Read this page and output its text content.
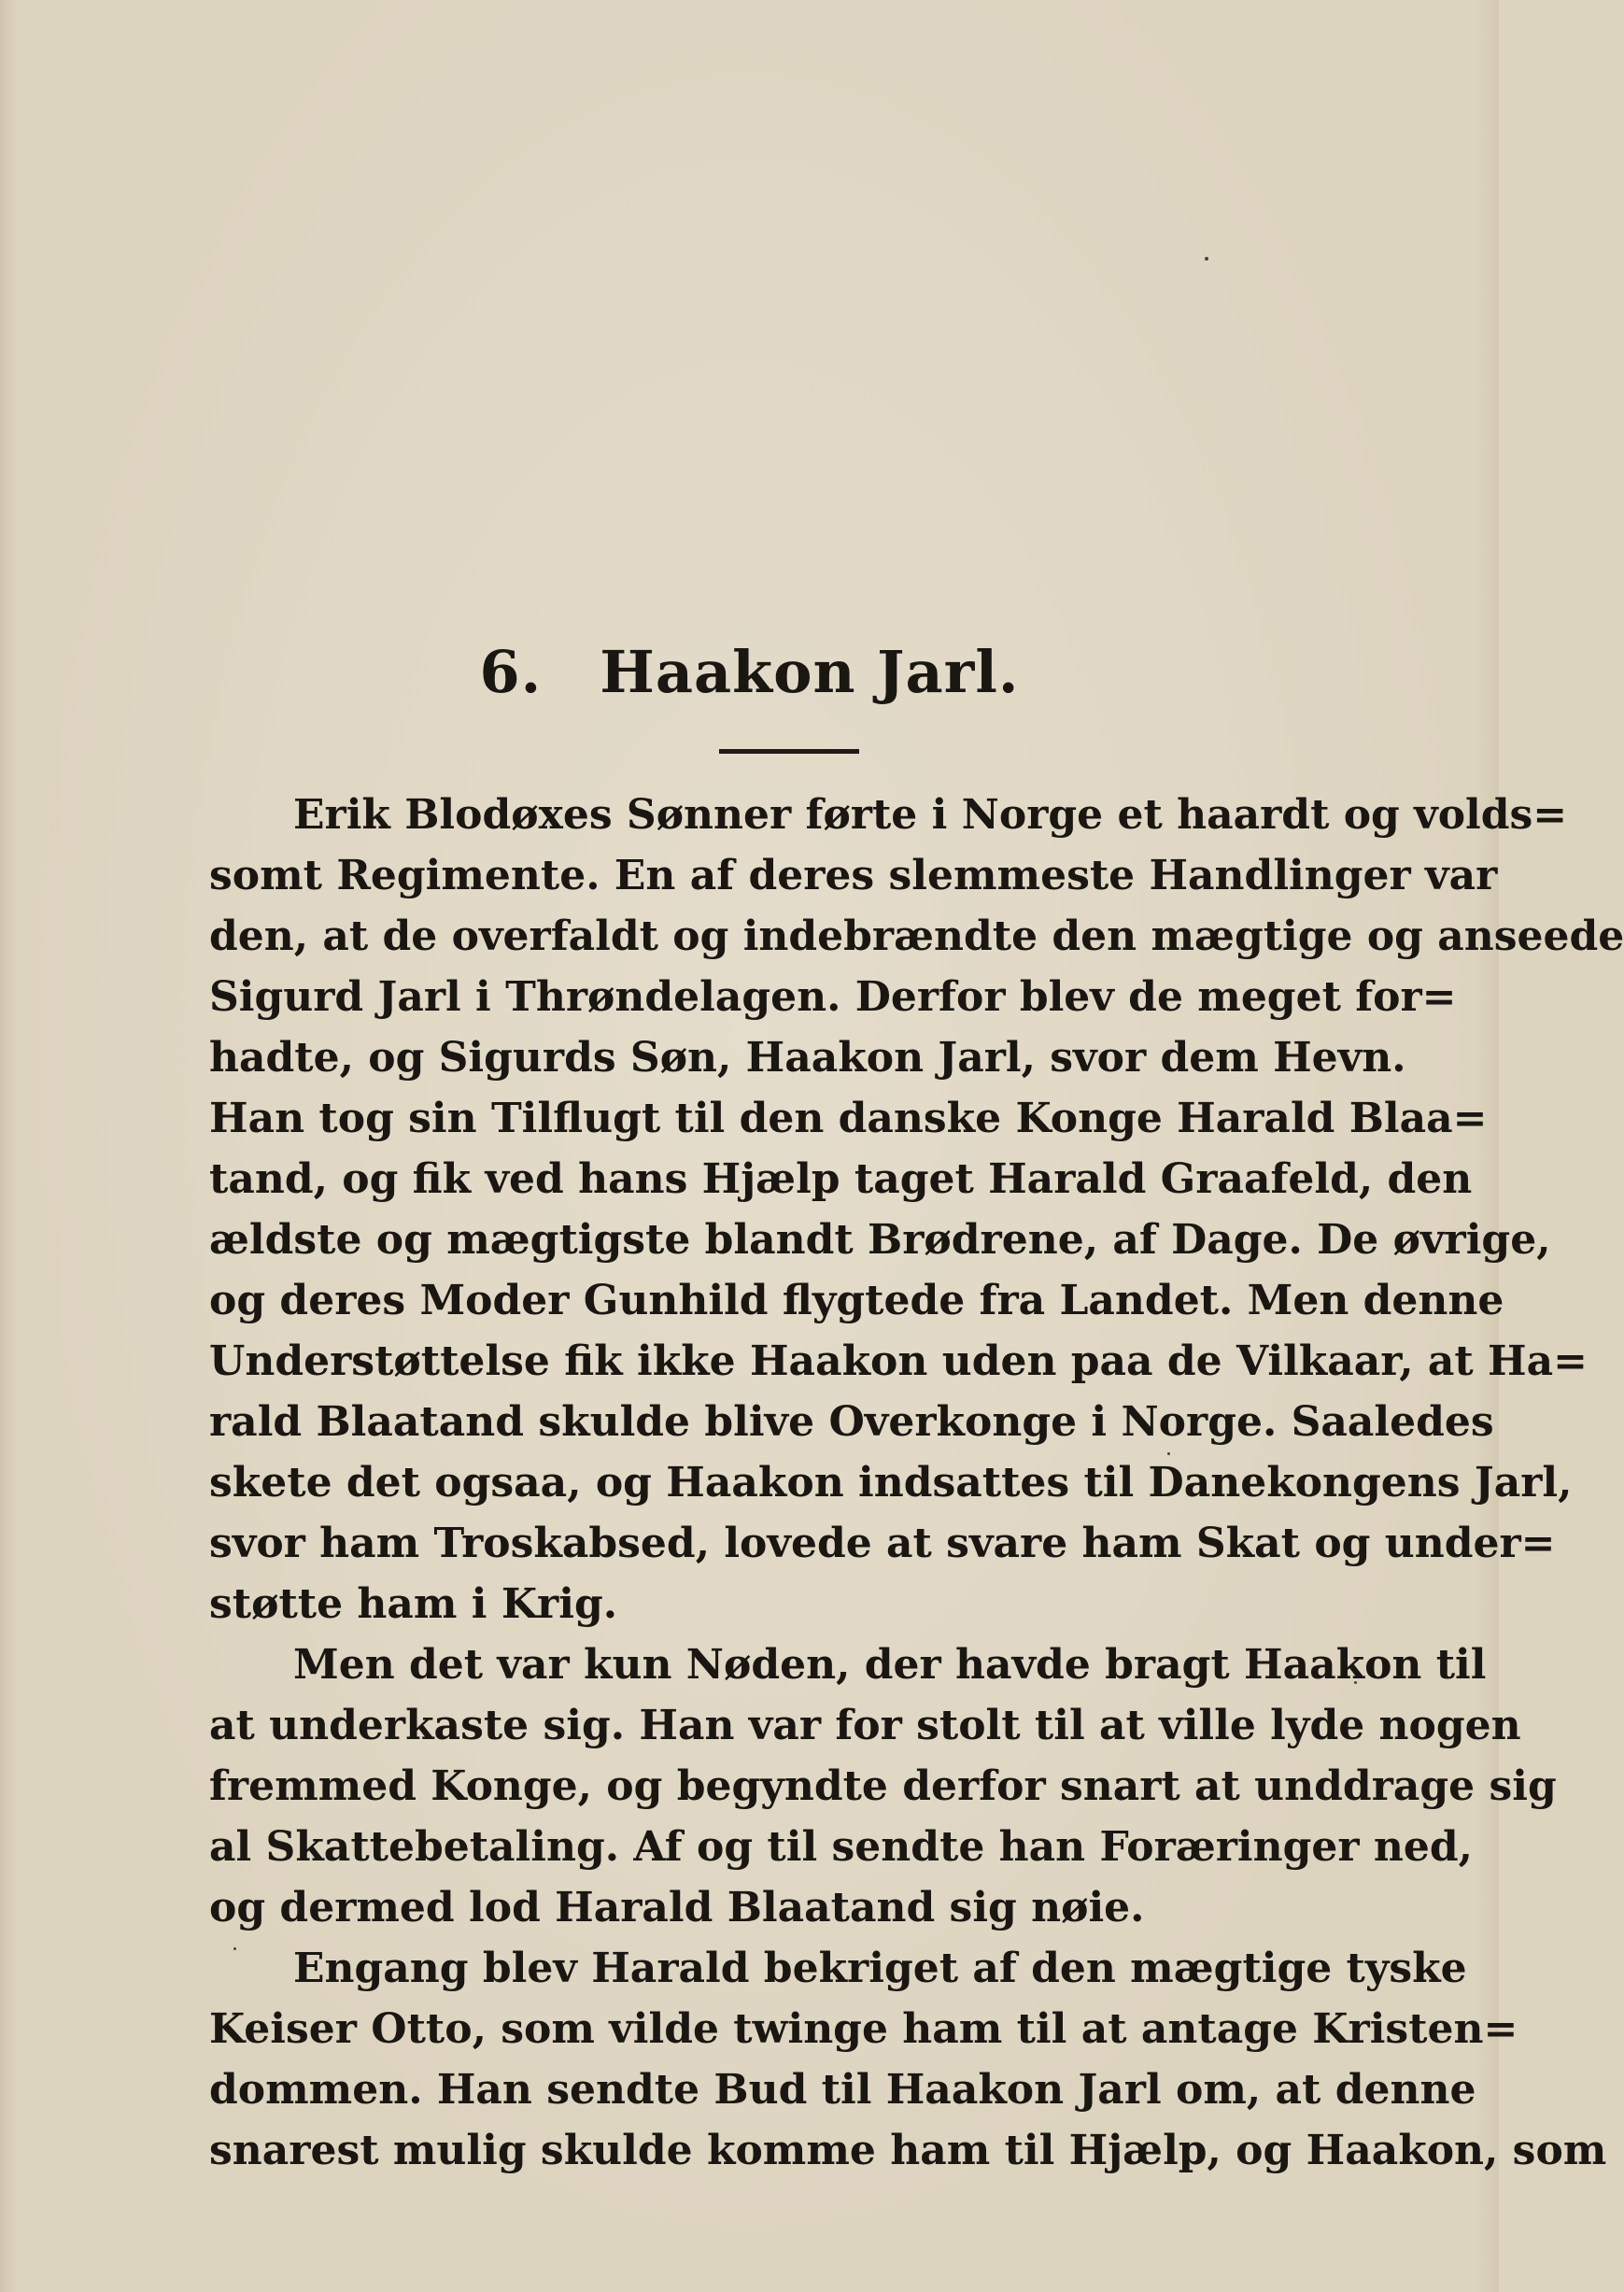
6. Haakon Jarl.

Erik Blodøxes Sønner førte i Norge et haardt og volds=
somt Regimente. En af deres slemmeste Handlinger var
den, at de overfaldt og indebrændte den mægtige og anseede
Sigurd Jarl i Thrøndelagen. Derfor blev de meget for=
hadte, og Sigurds Søn, Haakon Jarl, svor dem Hevn.
Han tog sin Tilflugt til den danske Konge Harald Blaa=
tand, og fik ved hans Hjælp taget Harald Graafeld, den
ældste og mægtigste blandt Brødrene, af Dage. De øvrige,
og deres Moder Gunhild flygtede fra Landet. Men denne
Understøttelse fik ikke Haakon uden paa de Vilkaar, at Ha=
rald Blaatand skulde blive Overkonge i Norge. Saaledes
skete det ogsaa, og Haakon indsattes til Danekongens Jarl,
svor ham Troskabsed, lovede at svare ham Skat og under=
støtte ham i Krig.

Men det var kun Nøden, der havde bragt Haakon til
at underkaste sig. Han var for stolt til at ville lyde nogen
fremmed Konge, og begyndte derfor snart at unddrage sig
al Skattebetaling. Af og til sendte han Foræringer ned,
og dermed lod Harald Blaatand sig nøie.

Engang blev Harald bekriget af den mægtige tyske
Keiser Otto, som vilde twinge ham til at antage Kristen=
dommen. Han sendte Bud til Haakon Jarl om, at denne
snarest mulig skulde komme ham til Hjælp, og Haakon, som
